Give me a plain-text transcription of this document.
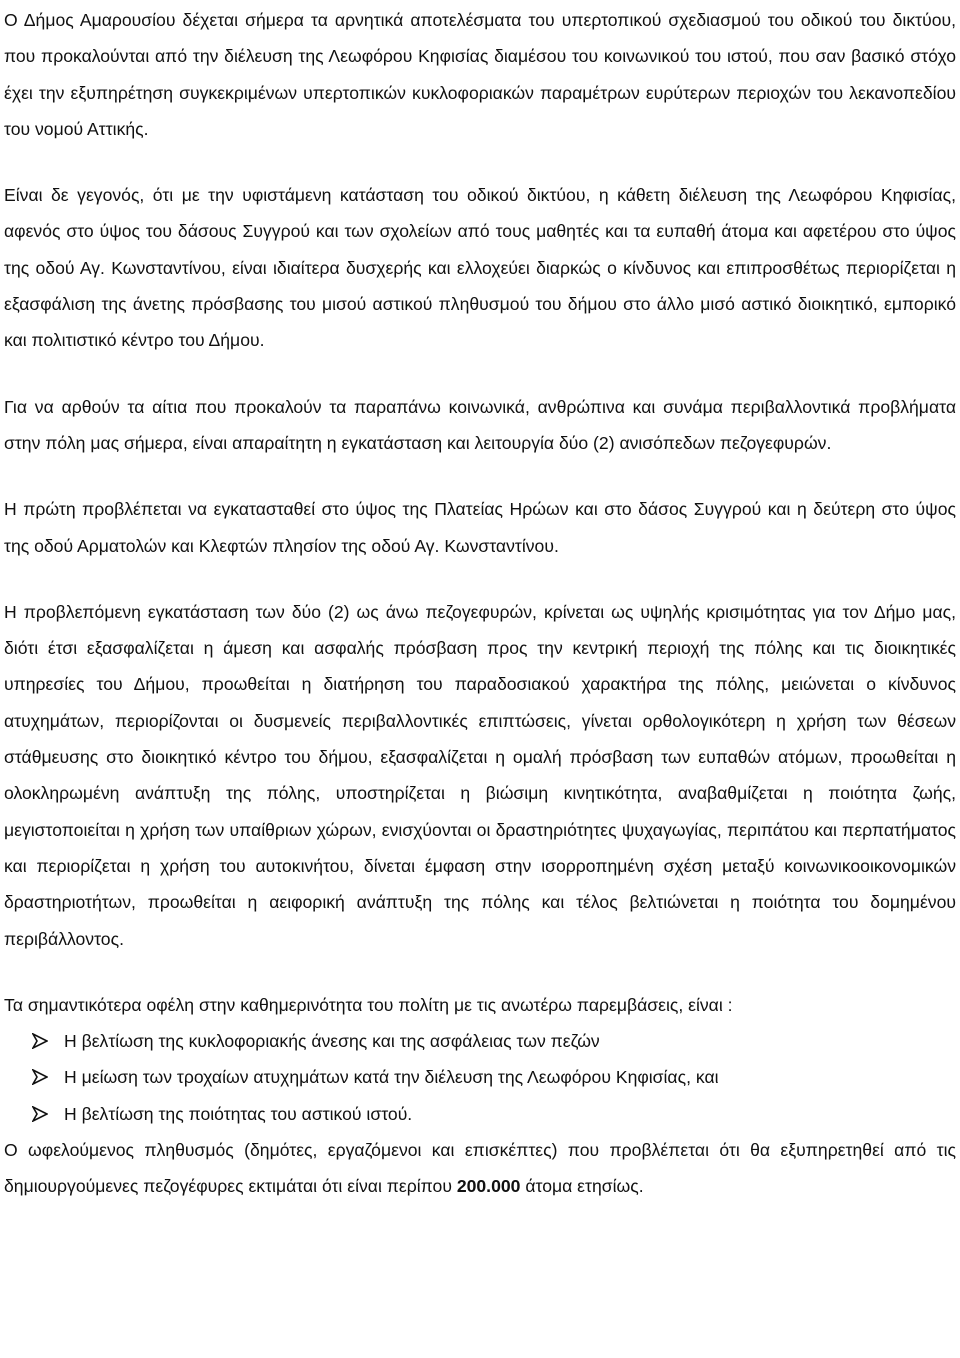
Ο Δήμος Αμαρουσίου δέχεται σήμερα τα αρνητικά αποτελέσματα του υπερτοπικού σχεδιασμού του οδικού του δικτύου, που προκαλούνται από την διέλευση της Λεωφόρου Κηφισίας διαμέσου του κοινωνικού του ιστού, που σαν βασικό στόχο έχει την εξυπηρέτηση συγκεκριμένων υπερτοπικών κυκλοφοριακών παραμέτρων ευρύτερων περιοχών του λεκανοπεδίου του νομού Αττικής.

Είναι δε γεγονός, ότι με την υφιστάμενη κατάσταση του οδικού δικτύου, η κάθετη διέλευση της Λεωφόρου Κηφισίας, αφενός στο ύψος του δάσους Συγγρού και των σχολείων από τους μαθητές και τα ευπαθή άτομα και αφετέρου στο ύψος της οδού Αγ. Κωνσταντίνου, είναι ιδιαίτερα δυσχερής και ελλοχεύει διαρκώς ο κίνδυνος και επιπροσθέτως περιορίζεται η εξασφάλιση της άνετης πρόσβασης του μισού αστικού πληθυσμού του δήμου στο άλλο μισό αστικό διοικητικό, εμπορικό και πολιτιστικό κέντρο του Δήμου.

Για να αρθούν τα αίτια που προκαλούν τα παραπάνω κοινωνικά, ανθρώπινα και συνάμα περιβαλλοντικά προβλήματα στην πόλη μας σήμερα, είναι απαραίτητη η εγκατάσταση και λειτουργία δύο (2) ανισόπεδων πεζογεφυρών.

Η πρώτη προβλέπεται να εγκατασταθεί στο ύψος της Πλατείας Ηρώων και στο δάσος Συγγρού και η δεύτερη στο ύψος της οδού Αρματολών και Κλεφτών πλησίον της οδού Αγ. Κωνσταντίνου.

Η προβλεπόμενη εγκατάσταση των δύο (2) ως άνω πεζογεφυρών, κρίνεται ως υψηλής κρισιμότητας για τον Δήμο μας, διότι έτσι εξασφαλίζεται η άμεση και ασφαλής πρόσβαση προς την κεντρική περιοχή της πόλης και τις διοικητικές υπηρεσίες του Δήμου, προωθείται η διατήρηση του παραδοσιακού χαρακτήρα της πόλης, μειώνεται ο κίνδυνος ατυχημάτων, περιορίζονται οι δυσμενείς περιβαλλοντικές επιπτώσεις, γίνεται ορθολογικότερη η χρήση των θέσεων στάθμευσης στο διοικητικό κέντρο του δήμου, εξασφαλίζεται η ομαλή πρόσβαση των ευπαθών ατόμων, προωθείται η ολοκληρωμένη ανάπτυξη της πόλης, υποστηρίζεται η βιώσιμη κινητικότητα, αναβαθμίζεται η ποιότητα ζωής, μεγιστοποιείται η χρήση των υπαίθριων χώρων, ενισχύονται οι δραστηριότητες ψυχαγωγίας, περιπάτου και περπατήματος και περιορίζεται η χρήση του αυτοκινήτου, δίνεται έμφαση στην ισορροπημένη σχέση μεταξύ κοινωνικοοικονομικών δραστηριοτήτων, προωθείται η αειφορική ανάπτυξη της πόλης και τέλος βελτιώνεται η ποιότητα του δομημένου περιβάλλοντος.

Τα σημαντικότερα οφέλη στην καθημερινότητα του πολίτη με τις ανωτέρω παρεμβάσεις, είναι :

Η βελτίωση της κυκλοφοριακής άνεσης και της ασφάλειας των πεζών
Η μείωση των τροχαίων ατυχημάτων κατά την διέλευση της Λεωφόρου Κηφισίας, και
Η βελτίωση της ποιότητας του αστικού ιστού.

Ο ωφελούμενος πληθυσμός (δημότες, εργαζόμενοι και επισκέπτες) που προβλέπεται ότι θα εξυπηρετηθεί από τις δημιουργούμενες πεζογέφυρες εκτιμάται ότι είναι περίπου 200.000 άτομα ετησίως.
